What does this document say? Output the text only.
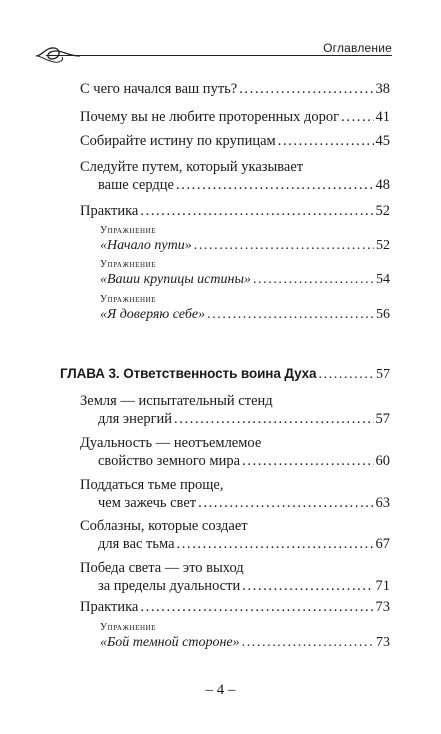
Оглавление
С чего начался ваш путь? .....	38
Почему вы не любите проторенных дорог .....	41
Собирайте истину по крупицам .....	45
Следуйте путем, который указывает
ваше сердце .....	48
Практика .....	52
Упражнение
«Начало пути» .....	52
Упражнение
«Ваши крупицы истины» .....	54
Упражнение
«Я доверяю себе» .....	56
ГЛАВА 3. Ответственность воина Духа .....	57
Земля — испытательный стенд
для энергий .....	57
Дуальность — неотъемлемое
свойство земного мира .....	60
Поддаться тьме проще,
чем зажечь свет .....	63
Соблазны, которые создает
для вас тьма .....	67
Победа света — это выход
за пределы дуальности .....	71
Практика .....	73
Упражнение
«Бой темной стороне» .....	73
– 4 –
